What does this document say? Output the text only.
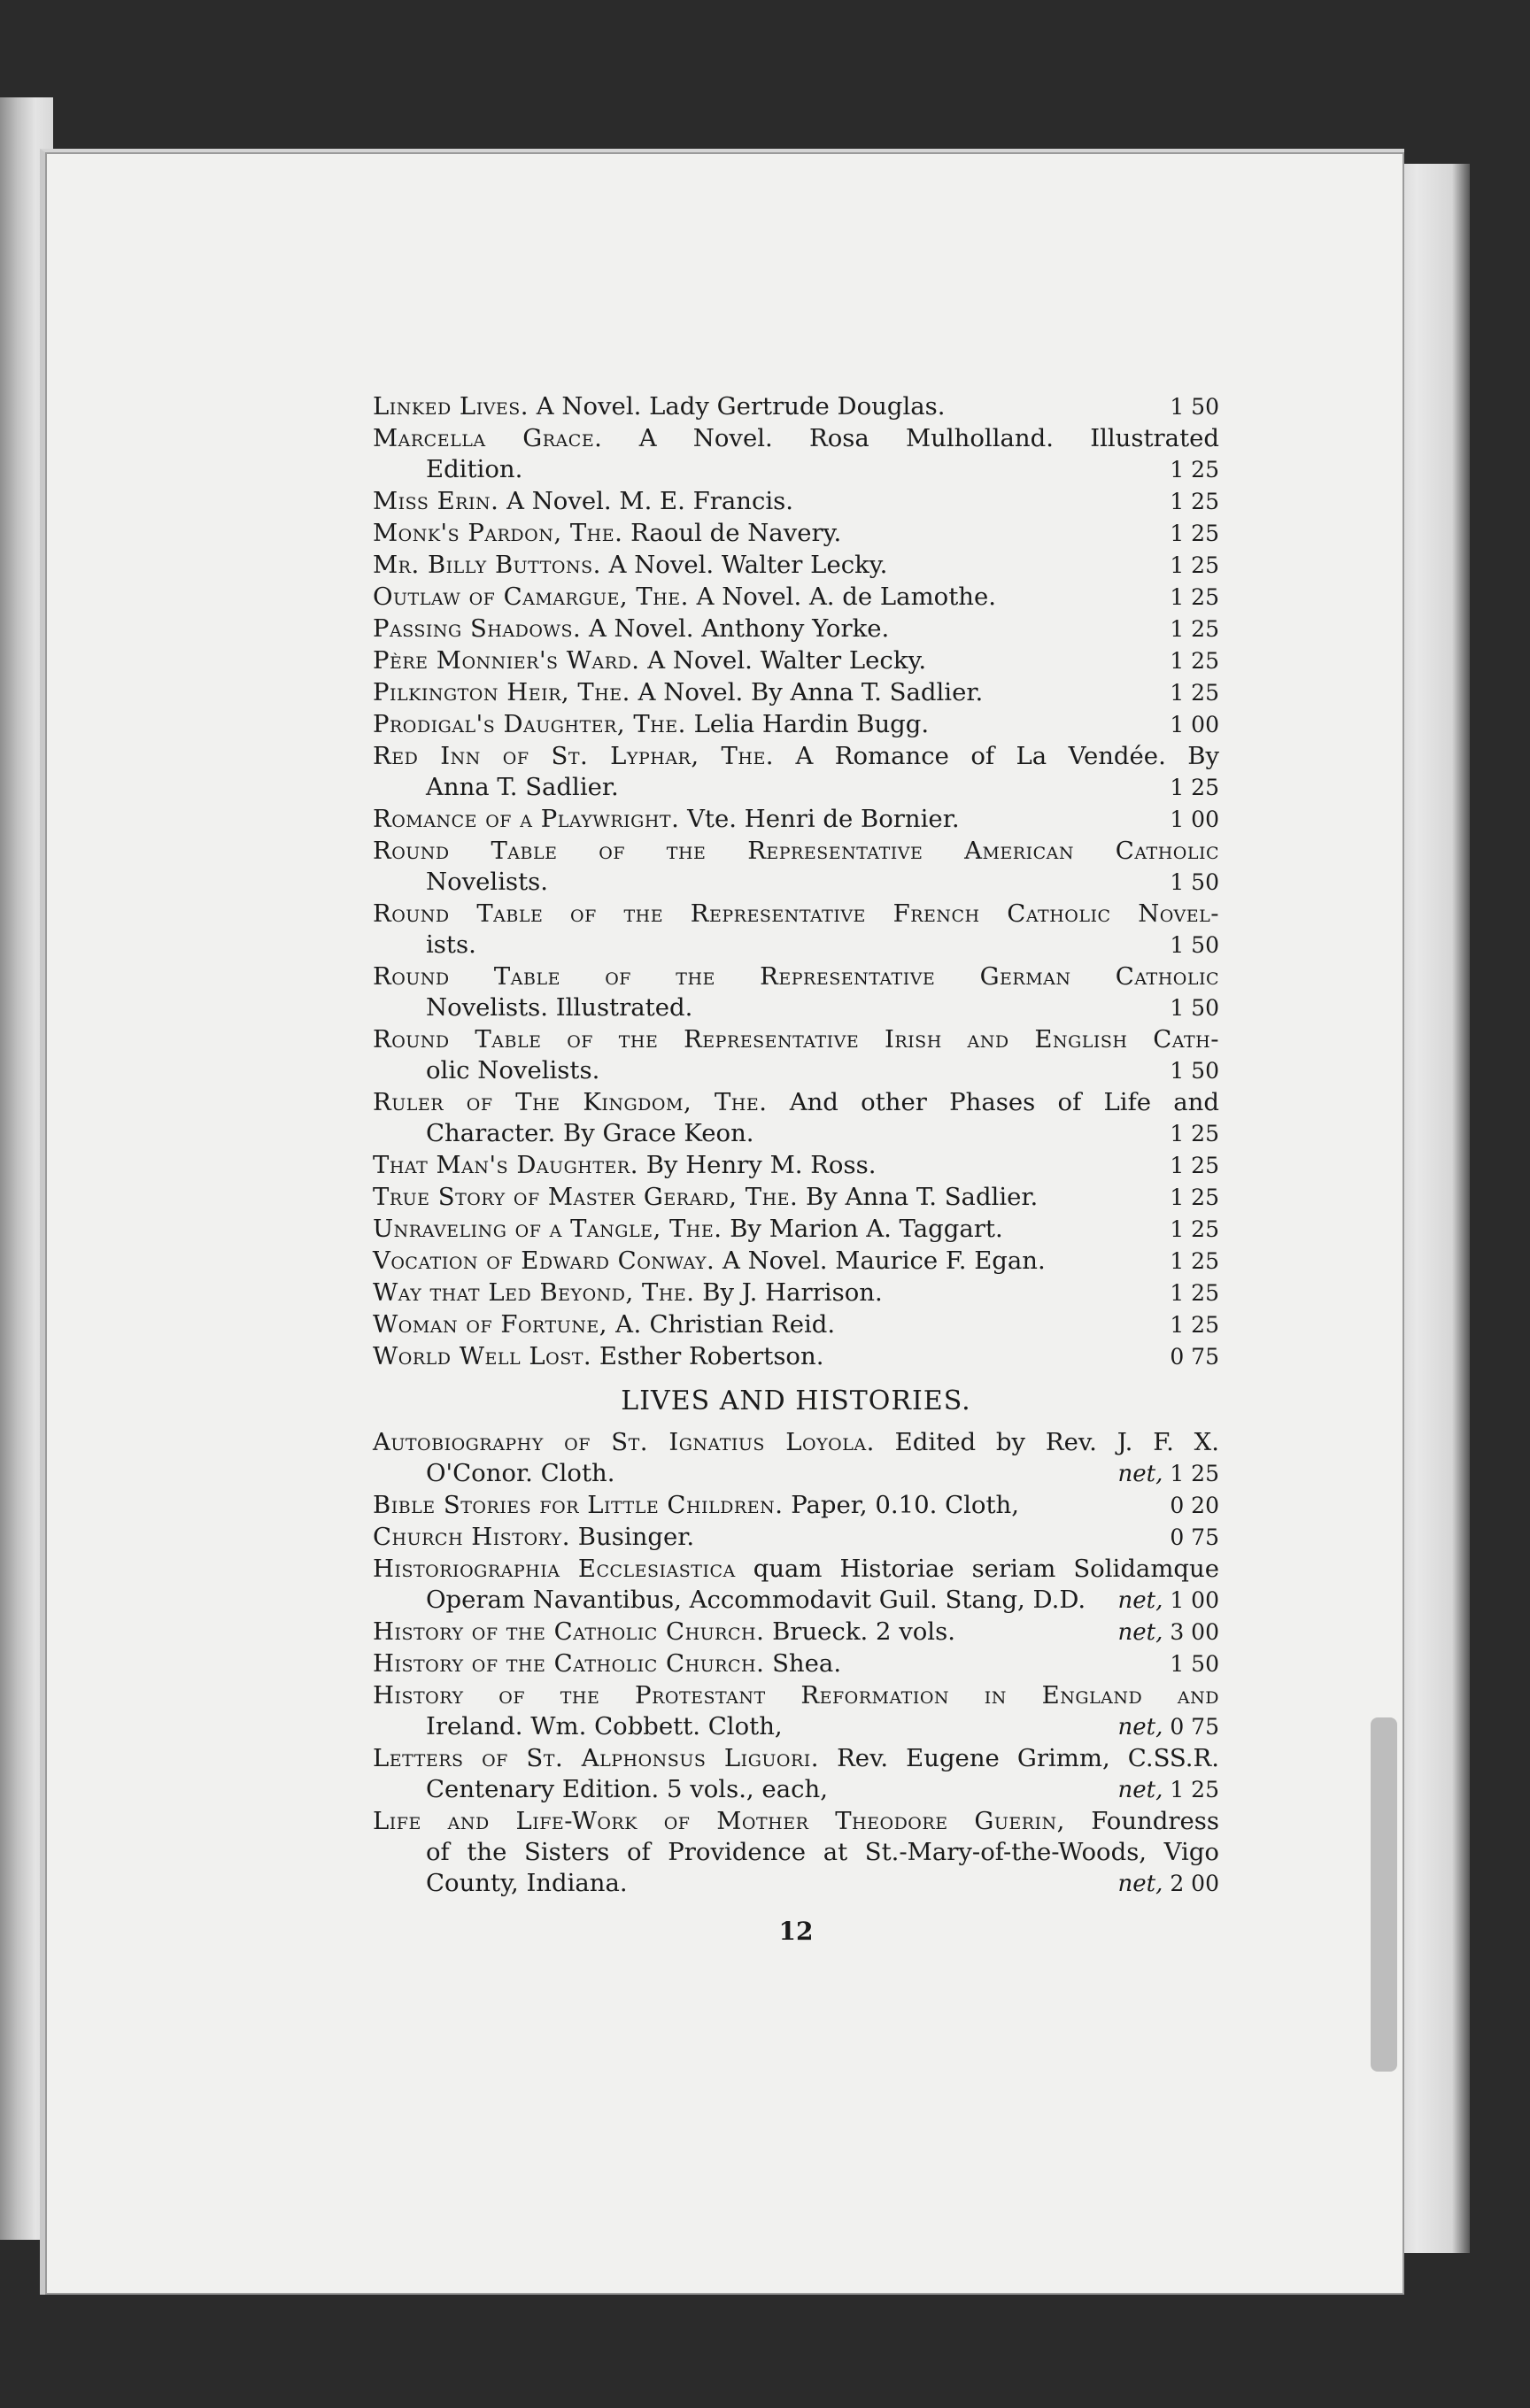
Linked Lives. A Novel. Lady Gertrude Douglas.	1 50
Marcella Grace. A Novel. Rosa Mulholland. Illustrated
Edition.	1 25
Miss Erin. A Novel. M. E. Francis.	1 25
Monk's Pardon, The. Raoul de Navery.	1 25
Mr. Billy Buttons. A Novel. Walter Lecky.	1 25
Outlaw of Camargue, The. A Novel. A. de Lamothe.	1 25
Passing Shadows. A Novel. Anthony Yorke.	1 25
Père Monnier's Ward. A Novel. Walter Lecky.	1 25
Pilkington Heir, The. A Novel. By Anna T. Sadlier.	1 25
Prodigal's Daughter, The. Lelia Hardin Bugg.	1 00
Red Inn of St. Lyphar, The. A Romance of La Vendée. By
Anna T. Sadlier.	1 25
Romance of a Playwright. Vte. Henri de Bornier.	1 00
Round Table of the Representative American Catholic
Novelists.	1 50
Round Table of the Representative French Catholic Novel-
ists.	1 50
Round Table of the Representative German Catholic
Novelists. Illustrated.	1 50
Round Table of the Representative Irish and English Cath-
olic Novelists.	1 50
Ruler of The Kingdom, The. And other Phases of Life and
Character. By Grace Keon.	1 25
That Man's Daughter. By Henry M. Ross.	1 25
True Story of Master Gerard, The. By Anna T. Sadlier.	1 25
Unraveling of a Tangle, The. By Marion A. Taggart.	1 25
Vocation of Edward Conway. A Novel. Maurice F. Egan.	1 25
Way that Led Beyond, The. By J. Harrison.	1 25
Woman of Fortune, A. Christian Reid.	1 25
World Well Lost. Esther Robertson.	0 75
LIVES AND HISTORIES.
Autobiography of St. Ignatius Loyola. Edited by Rev. J. F. X.
O'Conor. Cloth.	net, 1 25
Bible Stories for Little Children. Paper, 0.10. Cloth,	0 20
Church History. Businger.	0 75
Historiographia Ecclesiastica quam Historiae seriam Solidamque
Operam Navantibus, Accommodavit Guil. Stang, D.D.	net, 1 00
History of the Catholic Church. Brueck. 2 vols.	net, 3 00
History of the Catholic Church. Shea.	1 50
History of the Protestant Reformation in England and
Ireland. Wm. Cobbett. Cloth,	net, 0 75
Letters of St. Alphonsus Liguori. Rev. Eugene Grimm, C.SS.R.
Centenary Edition. 5 vols., each,	net, 1 25
Life and Life-Work of Mother Theodore Guerin, Foundress
of the Sisters of Providence at St.-Mary-of-the-Woods, Vigo
County, Indiana.	net, 2 00
12
